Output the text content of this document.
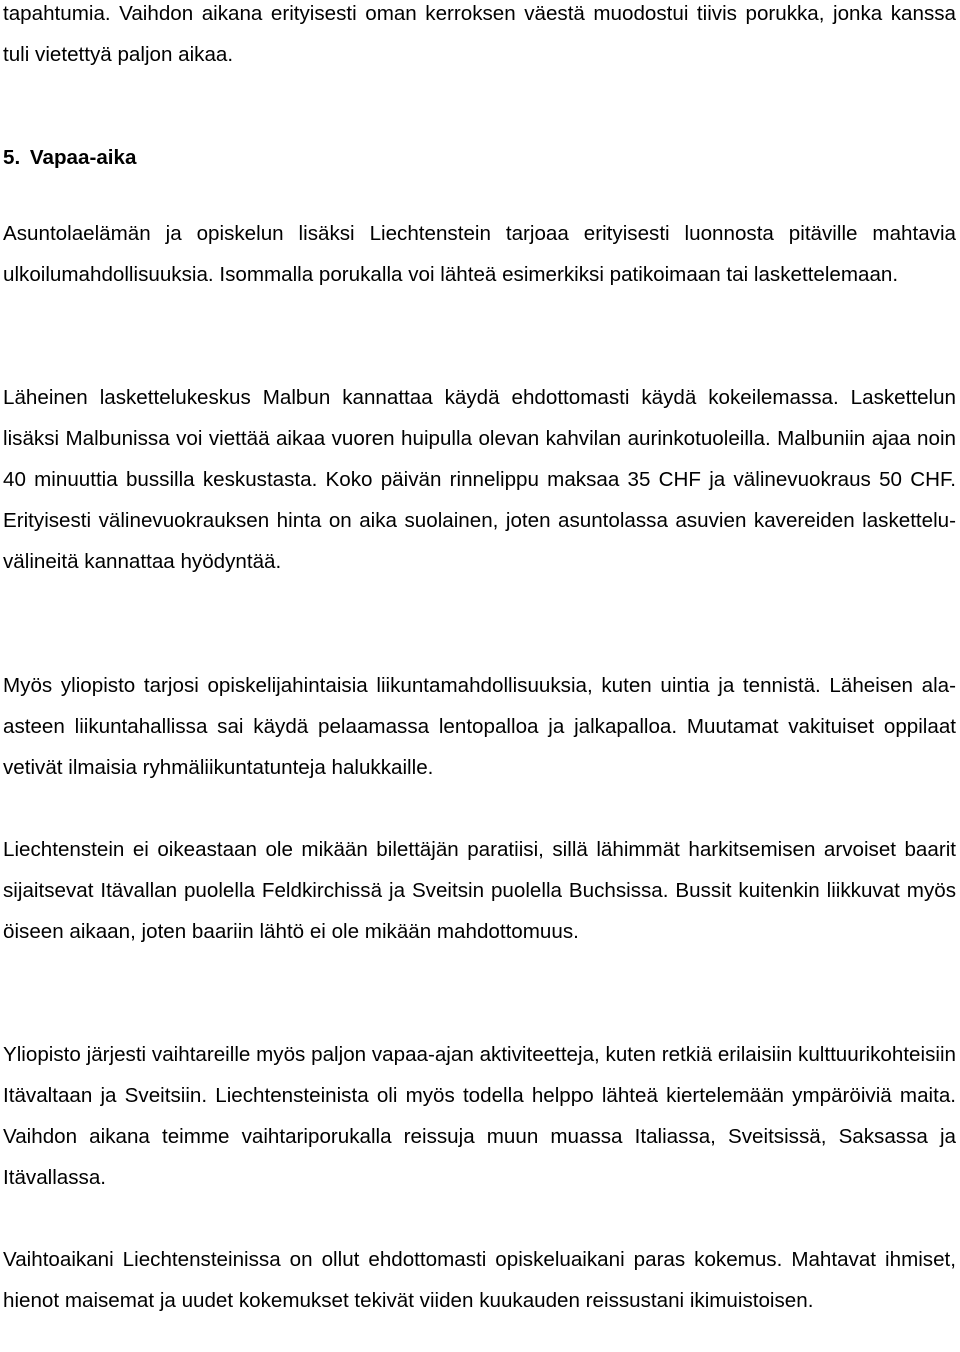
tapahtumia. Vaihdon aikana erityisesti oman kerroksen väestä muodostui tiivis porukka, jonka kanssa tuli vietettyä paljon aikaa.

5. Vapaa-aika

Asuntolaelämän ja opiskelun lisäksi Liechtenstein tarjoaa erityisesti luonnosta pitäville mahtavia ulkoilumahdollisuuksia. Isommalla porukalla voi lähteä esimerkiksi patikoimaan tai laskettelemaan.

Läheinen laskettelukeskus Malbun kannattaa käydä ehdottomasti käydä kokeilemassa. Laskettelun lisäksi Malbunissa voi viettää aikaa vuoren huipulla olevan kahvilan aurinkotuoleilla. Malbuniin ajaa noin 40 minuuttia bussilla keskustasta. Koko päivän rinnelippu maksaa 35 CHF ja välinevuokraus 50 CHF. Erityisesti välinevuokrauksen hinta on aika suolainen, joten asuntolassa asuvien kavereiden lasketteluvälineitä kannattaa hyödyntää.

Myös yliopisto tarjosi opiskelijahintaisia liikuntamahdollisuuksia, kuten uintia ja tennistä. Läheisen ala-asteen liikuntahallissa sai käydä pelaamassa lentopalloa ja jalkapalloa. Muutamat vakituiset oppilaat vetivät ilmaisia ryhmäliikuntatunteja halukkaille.

Liechtenstein ei oikeastaan ole mikään bilettäjän paratiisi, sillä lähimmät harkitsemisen arvoiset baarit sijaitsevat Itävallan puolella Feldkirchissä ja Sveitsin puolella Buchsissa. Bussit kuitenkin liikkuvat myös öiseen aikaan, joten baariin lähtö ei ole mikään mahdottomuus.

Yliopisto järjesti vaihtareille myös paljon vapaa-ajan aktiviteetteja, kuten retkiä erilaisiin kulttuurikohteisiin Itävaltaan ja Sveitsiin. Liechtensteinista oli myös todella helppo lähteä kiertelemään ympäröiviä maita. Vaihdon aikana teimme vaihtariporukalla reissuja muun muassa Italiassa, Sveitsissä, Saksassa ja Itävallassa.

Vaihtoaikani Liechtensteinissa on ollut ehdottomasti opiskeluaikani paras kokemus. Mahtavat ihmiset, hienot maisemat ja uudet kokemukset tekivät viiden kuukauden reissustani ikimuistoisen.
